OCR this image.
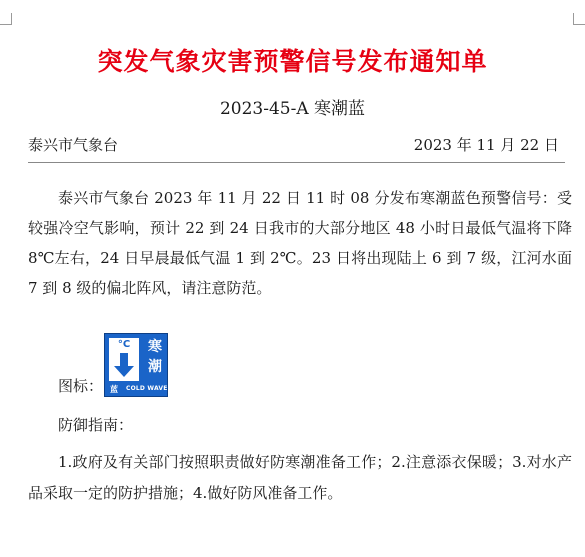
突发气象灾害预警信号发布通知单
2023-45-A 寒潮蓝
泰兴市气象台	2023 年 11 月 22 日

泰兴市气象台 2023 年 11 月 22 日 11 时 08 分发布寒潮蓝色预警信号：受较强冷空气影响，预计 22 到 24 日我市的大部分地区 48 小时日最低气温将下降 8℃左右，24 日早晨最低气温 1 到 2℃。23 日将出现陆上 6 到 7 级，江河水面 7 到 8 级的偏北阵风，请注意防范。

图标：
°C	寒
潮
蓝 COLD WAVE
防御指南：

1.政府及有关部门按照职责做好防寒潮准备工作；2.注意添衣保暖；3.对水产品采取一定的防护措施；4.做好防风准备工作。
